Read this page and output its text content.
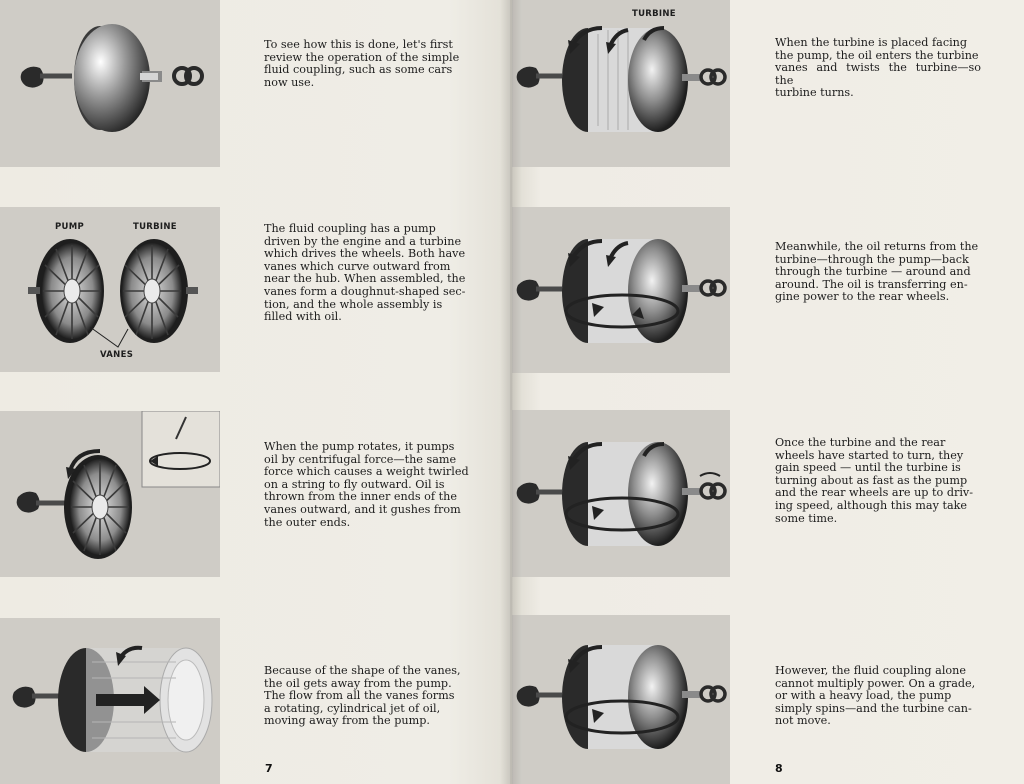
To see how this is done, let's first
review the operation of the simple
fluid coupling, such as some cars
now use.
PUMP	TURBINE
VANES
The fluid coupling has a pump
driven by the engine and a turbine
which drives the wheels. Both have
vanes which curve outward from
near the hub. When assembled, the
vanes form a doughnut-shaped sec-
tion, and the whole assembly is
filled with oil.
When the pump rotates, it pumps
oil by centrifugal force—the same
force which causes a weight twirled
on a string to fly outward. Oil is
thrown from the inner ends of the
vanes outward, and it gushes from
the outer ends.
Because of the shape of the vanes,
the oil gets away from the pump.
The flow from all the vanes forms
a rotating, cylindrical jet of oil,
moving away from the pump.
7
TURBINE
When the turbine is placed facing
the pump, the oil enters the turbine
vanes and twists the turbine—so the
turbine turns.
Meanwhile, the oil returns from the
turbine—through the pump—back
through the turbine — around and
around. The oil is transferring en-
gine power to the rear wheels.
Once the turbine and the rear
wheels have started to turn, they
gain speed — until the turbine is
turning about as fast as the pump
and the rear wheels are up to driv-
ing speed, although this may take
some time.
However, the fluid coupling alone
cannot multiply power. On a grade,
or with a heavy load, the pump
simply spins—and the turbine can-
not move.
8
